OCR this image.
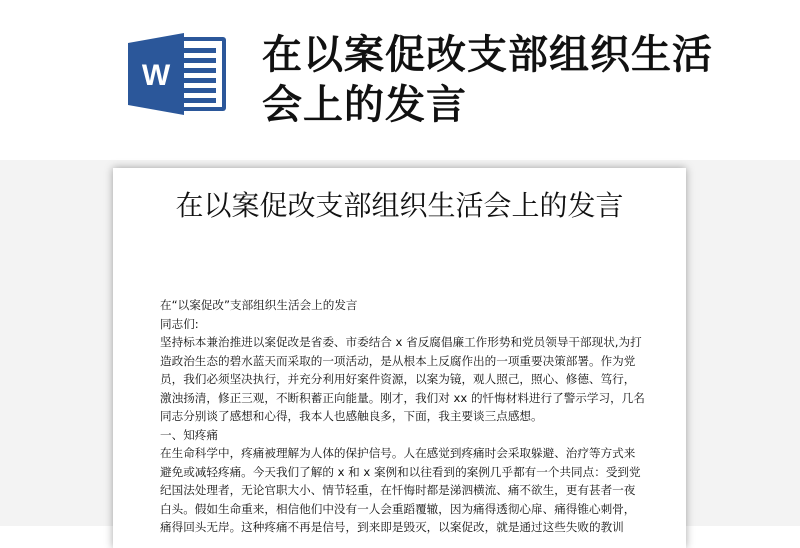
W 在以案促改支部组织生活会上的发言
在以案促改支部组织生活会上的发言

在“以案促改”支部组织生活会上的发言

同志们:

坚持标本兼治推进以案促改是省委、市委结合 x 省反腐倡廉工作形势和党员领导干部现状,为打造政治生态的碧水蓝天而采取的一项活动，是从根本上反腐作出的一项重要决策部署。作为党员，我们必须坚决执行，并充分利用好案件资源，以案为镜，观人照己，照心、修德、笃行，激浊扬清，修正三观，不断积蓄正向能量。刚才，我们对 xx 的忏悔材料进行了警示学习，几名同志分别谈了感想和心得，我本人也感触良多，下面，我主要谈三点感想。

一、知疼痛

在生命科学中，疼痛被理解为人体的保护信号。人在感觉到疼痛时会采取躲避、治疗等方式来避免或减轻疼痛。今天我们了解的 x 和 x 案例和以往看到的案例几乎都有一个共同点：受到党纪国法处理者，无论官职大小、情节轻重，在忏悔时都是涕泗横流、痛不欲生，更有甚者一夜白头。假如生命重来，相信他们中没有一人会重蹈覆辙，因为痛得透彻心扉、痛得锥心刺骨，痛得回头无岸。这种疼痛不再是信号，到来即是毁灭，以案促改，就是通过这些失败的教训
